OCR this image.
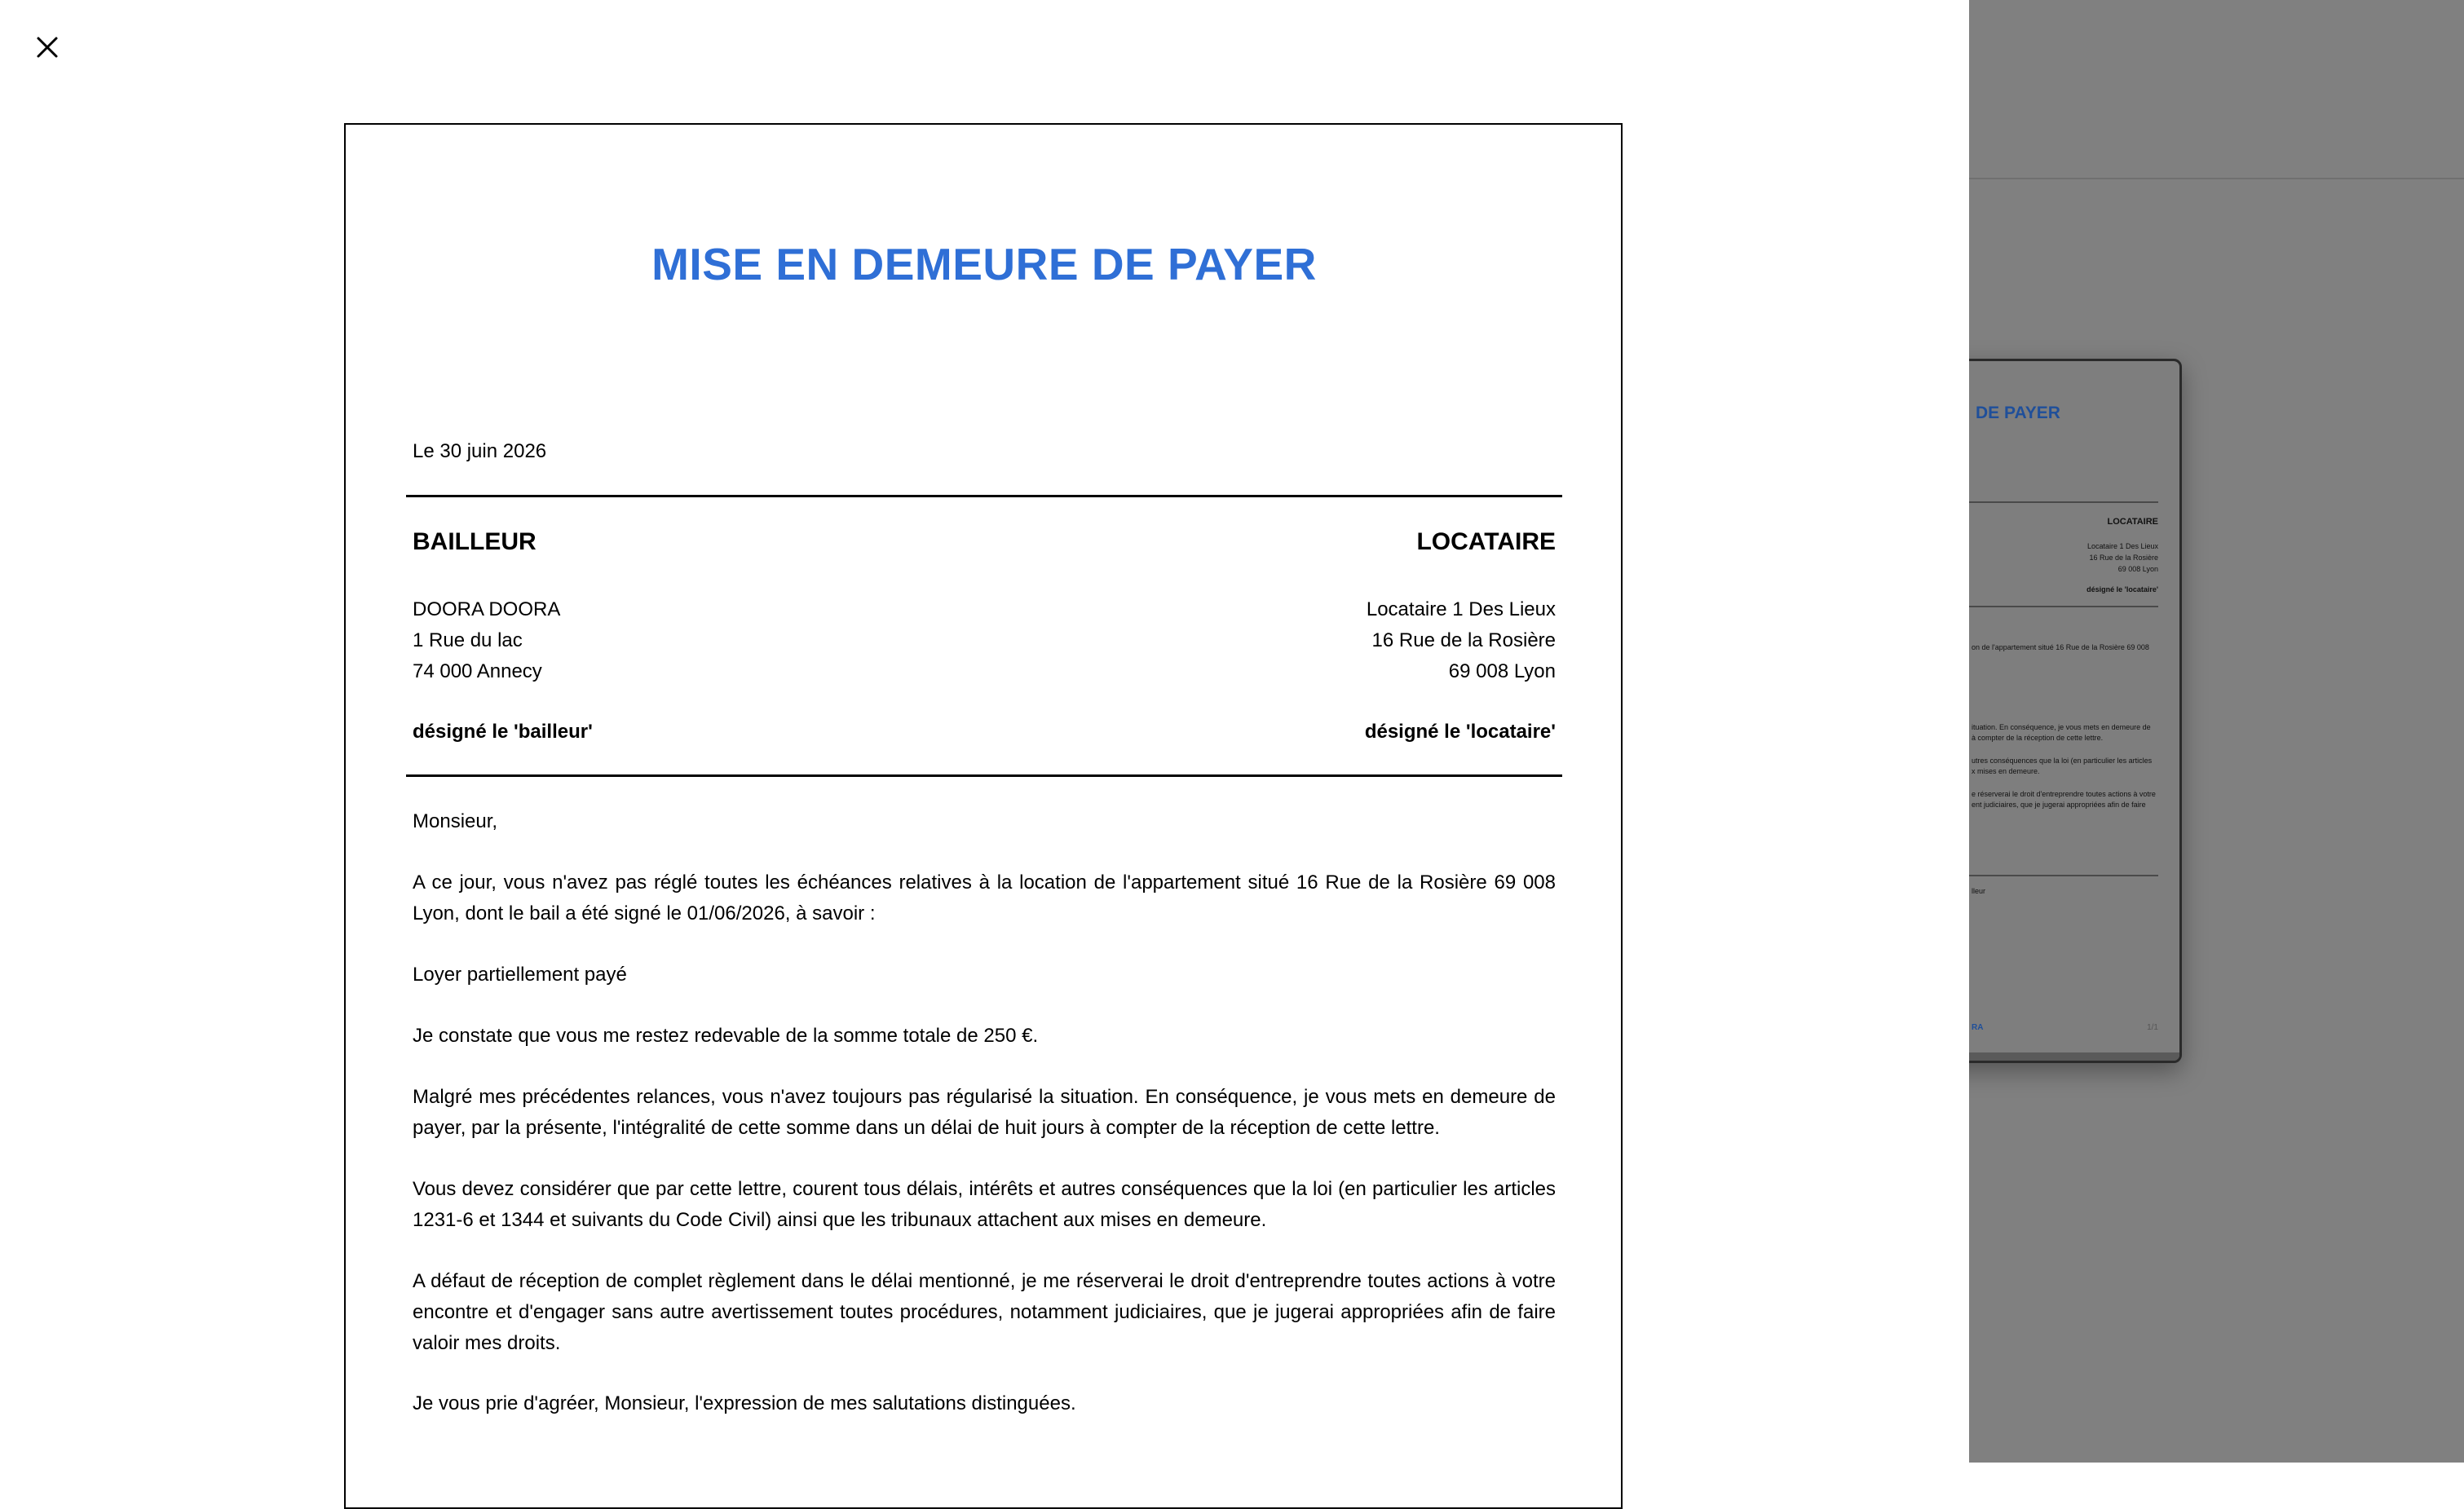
DE PAYER
LOCATAIRE
Locataire 1 Des Lieux
16 Rue de la Rosière
69 008 Lyon
désigné le 'locataire'
on de l'appartement situé 16 Rue de la Rosière 69 008
ituation. En conséquence, je vous mets en demeure de
à compter de la réception de cette lettre.
utres conséquences que la loi (en particulier les articles
x mises en demeure.
e réserverai le droit d'entreprendre toutes actions à votre
ent judiciaires, que je jugerai appropriées afin de faire
lleur
RA	1/1
MISE EN DEMEURE DE PAYER
Le 30 juin 2026
BAILLEUR	LOCATAIRE
DOORA DOORA
1 Rue du lac
74 000 Annecy
Locataire 1 Des Lieux
16 Rue de la Rosière
69 008 Lyon
désigné le 'bailleur'	désigné le 'locataire'
Monsieur,
A ce jour, vous n'avez pas réglé toutes les échéances relatives à la location de l'appartement situé 16 Rue de la Rosière 69 008 Lyon, dont le bail a été signé le 01/06/2026, à savoir :
Loyer partiellement payé
Je constate que vous me restez redevable de la somme totale de 250 €.
Malgré mes précédentes relances, vous n'avez toujours pas régularisé la situation. En conséquence, je vous mets en demeure de payer, par la présente, l'intégralité de cette somme dans un délai de huit jours à compter de la réception de cette lettre.
Vous devez considérer que par cette lettre, courent tous délais, intérêts et autres conséquences que la loi (en particulier les articles 1231-6 et 1344 et suivants du Code Civil) ainsi que les tribunaux attachent aux mises en demeure.
A défaut de réception de complet règlement dans le délai mentionné, je me réserverai le droit d'entreprendre toutes actions à votre encontre et d'engager sans autre avertissement toutes procédures, notamment judiciaires, que je jugerai appropriées afin de faire valoir mes droits.
Je vous prie d'agréer, Monsieur, l'expression de mes salutations distinguées.
